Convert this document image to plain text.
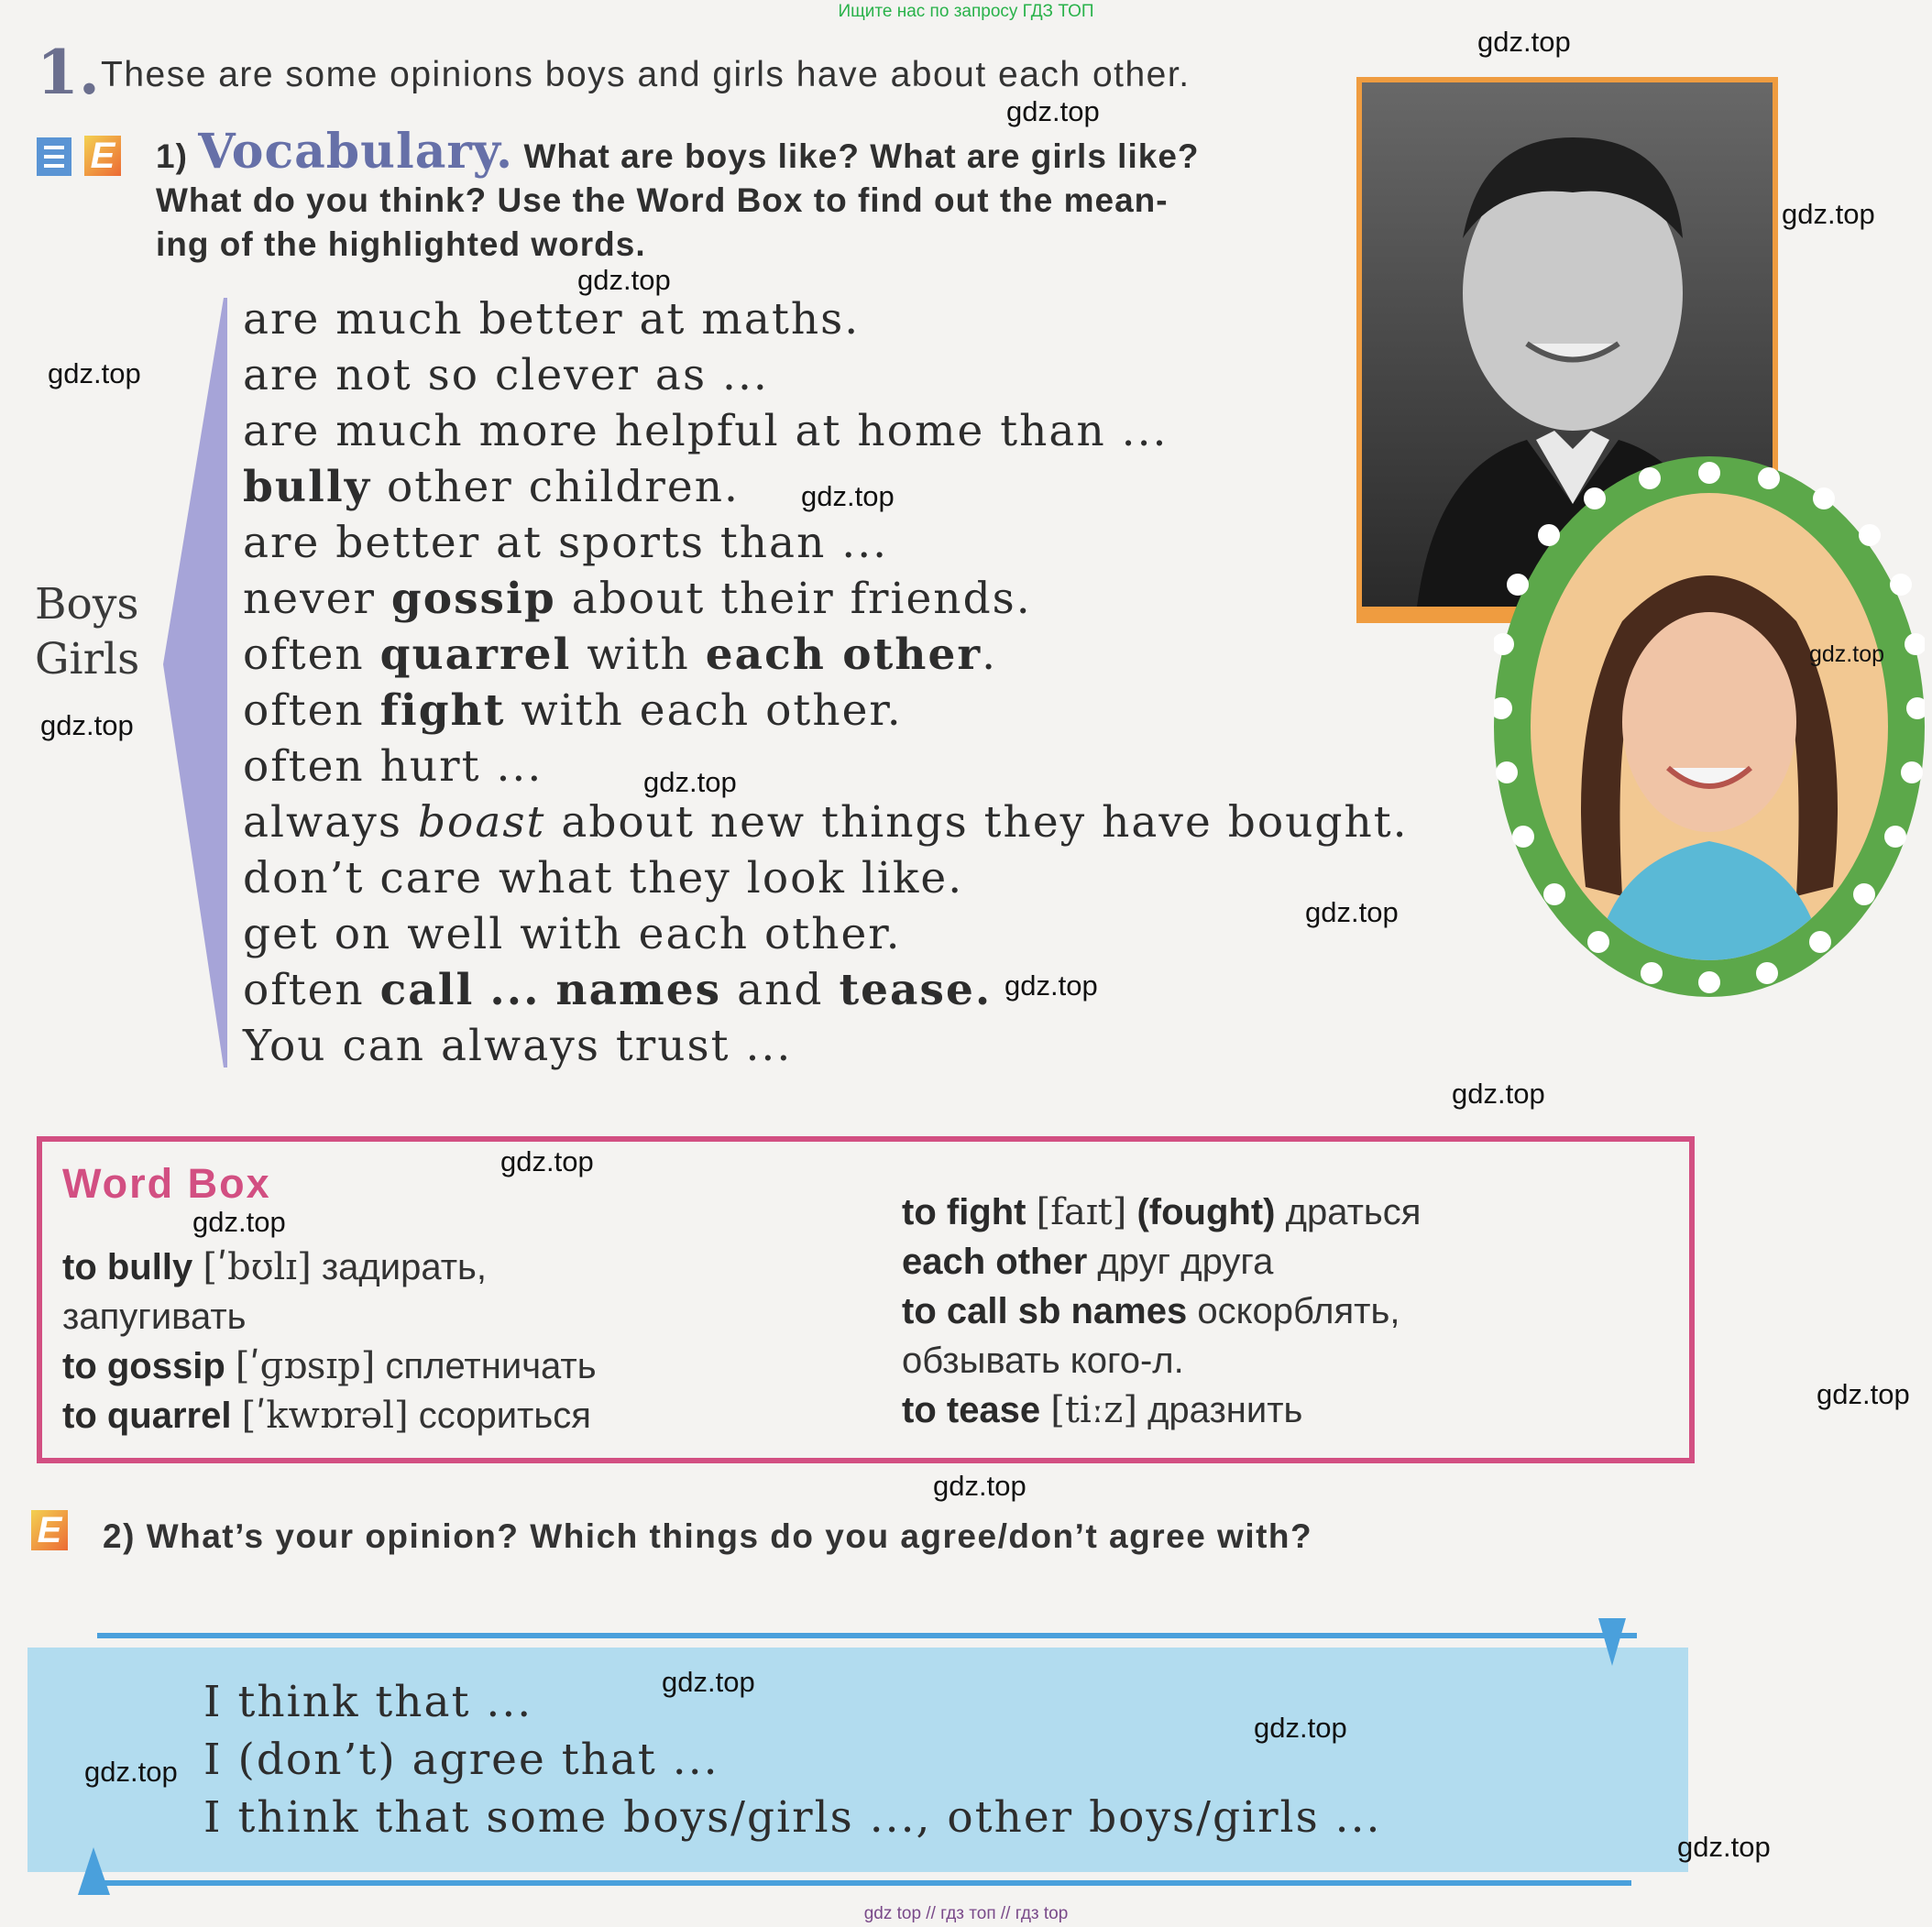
Ищите нас по запросу ГДЗ ТОП
1. These are some opinions boys and girls have about each other.
E 1) Vocabulary. What are boys like? What are girls like?
What do you think? Use the Word Box to find out the mean-
ing of the highlighted words.
Boys
Girls
are much better at maths.
are not so clever as ...
are much more helpful at home than ...
bully other children.
are better at sports than ...
never gossip about their friends.
often quarrel with each other.
often fight with each other.
often hurt ...
always boast about new things they have bought.
don’t care what they look like.
get on well with each other.
often call ... names and tease.
You can always trust ...
Word Box
to bully [ʹbʊlɪ] задирать,
запугивать
to gossip [ʹɡɒsɪp] сплетничать
to quarrel [ʹkwɒrəl] ссориться
to fight [faɪt] (fought) драться
each other друг друга
to call sb names оскорблять,
обзывать кого-л.
to tease [tiːz] дразнить
E 2) What’s your opinion? Which things do you agree/don’t agree with?
I think that ...
I (don’t) agree that ...
I think that some boys/girls ..., other boys/girls ...
gdz.top
gdz.top
gdz.top
gdz.top
gdz.top
gdz.top
gdz.top
gdz.top
gdz.top
gdz.top
gdz.top
gdz.top
gdz.top
gdz.top
gdz.top
gdz.top
gdz.top
gdz.top
gdz.top
gdz.top
gdz top // гдз топ // гдз top
